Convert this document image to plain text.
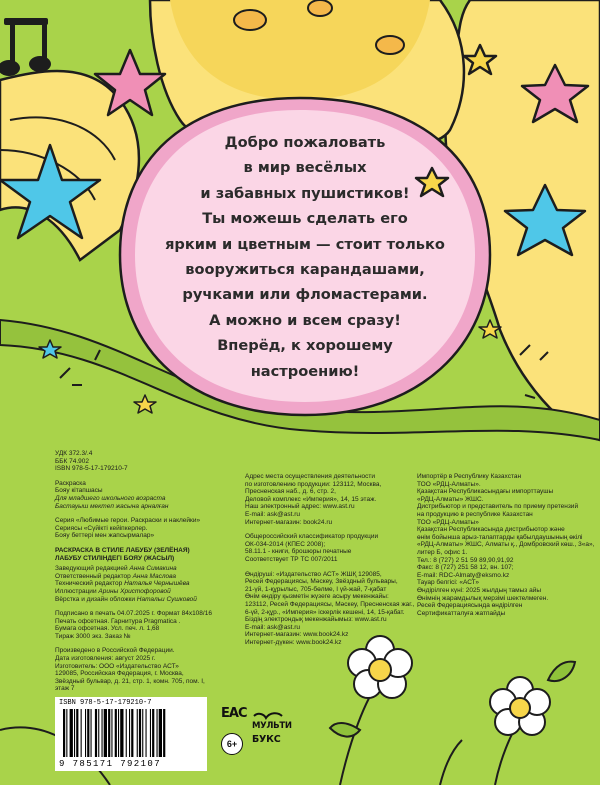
Добро пожаловать
в мир весёлых
и забавных пушистиков!
Ты можешь сделать его
ярким и цветным — стоит только
вооружиться карандашами,
ручками или фломастерами.
А можно и всем сразу!
Вперёд, к хорошему
настроению!
УДК 372.3/.4
ББК 74.902
ISBN 978-5-17-179210-7
Раскраска
Бояу кітапшасы
Для младшего школьного возраста
Бастауыш мектеп жасына арналған
Серия «Любимые герои. Раскраски и наклейки»
Сериясы «Сүйікті кейіпкерлер.
Бояу беттері мен жапсырмалар»
РАСКРАСКА В СТИЛЕ ЛАБУБУ (ЗЕЛЁНАЯ)
ЛАБУБУ СТИЛІНДЕГІ БОЯУ (ЖАСЫЛ)
Заведующий редакцией Анна Симакина
Ответственный редактор Анна Маслова
Технический редактор Наталья Чернышёва
Иллюстрации Арины Христофоровой
Вёрстка и дизайн обложки Натальи Сушковой
Подписано в печать 04.07.2025 г. Формат 84x108/16
Печать офсетная. Гарнитура Pragmatica .
Бумага офсетная. Усл. печ. л. 1,68
Тираж 3000 экз. Заказ №
Произведено в Российской Федерации.
Дата изготовления: август 2025 г.
Изготовитель: ООО «Издательство АСТ»
129085, Российская Федерация, г. Москва,
Звёздный бульвар, д. 21, стр. 1, комн. 705, пом. I,
этаж 7
Адрес места осуществления деятельности
по изготовлению продукции: 123112, Москва,
Пресненская наб., д. 6, стр. 2,
Деловой комплекс «Империя», 14, 15 этаж.
Наш электронный адрес: www.ast.ru
E-mail: ask@ast.ru
Интернет-магазин: book24.ru
Общероссийский классификатор продукции
ОК-034-2014 (КПЕС 2008);
58.11.1 - книги, брошюры печатные
Соответствует ТР ТС 007/2011
Өндіруші: «Издательство АСТ» ЖШҚ 129085,
Ресей Федерациясы, Мәскеу, Звёздный бульвары,
21-үй, 1-құрылыс, 705-бөлме, I үй-жай, 7-қабат
Өнім өндіру қызметін жүзеге асыру мекенжайы:
123112, Ресей Федерациясы, Мәскеу, Пресненская жаг.,
6-үй, 2-құр., «Империя» іскерлік кешені, 14, 15-қабат.
Біздің электрондық мекенжайымыз: www.ast.ru
E-mail: ask@ast.ru
Интернет-магазин: www.book24.kz
Интернет-дүкен: www.book24.kz
Импортёр в Республику Казахстан
ТОО «РДЦ-Алматы».
Қазақстан Республикасындағы импорттаушы
«РДЦ-Алматы» ЖШС.
Дистрибьютор и представитель по приему претензий
на продукцию в республике Казахстан
ТОО «РДЦ-Алматы»
Қазақстан Республикасында дистрибьютор және
өнім бойынша арыз-талаптарды қабылдаушының өкілі
«РДЦ-Алматы» ЖШС, Алматы қ., Домбровский көш., 3«а»,
литер Б, офис 1.
Тел.: 8 (727) 2 51 59 89,90,91,92
Факс: 8 (727) 251 58 12, вн. 107;
E-mail: RDC-Almaty@eksmo.kz
Тауар белгісі: «АСТ»
Өндірілген күні: 2025 жылдың тамыз айы
Өнімнің жарамдылық мерзімі шектелмеген.
Ресей Федерациясында өндірілген
Сертификатталуға жатпайды
ISBN 978-5-17-179210-7
9 785171 792107
ЕАС
6+
МУЛЬТИ
БУКС
